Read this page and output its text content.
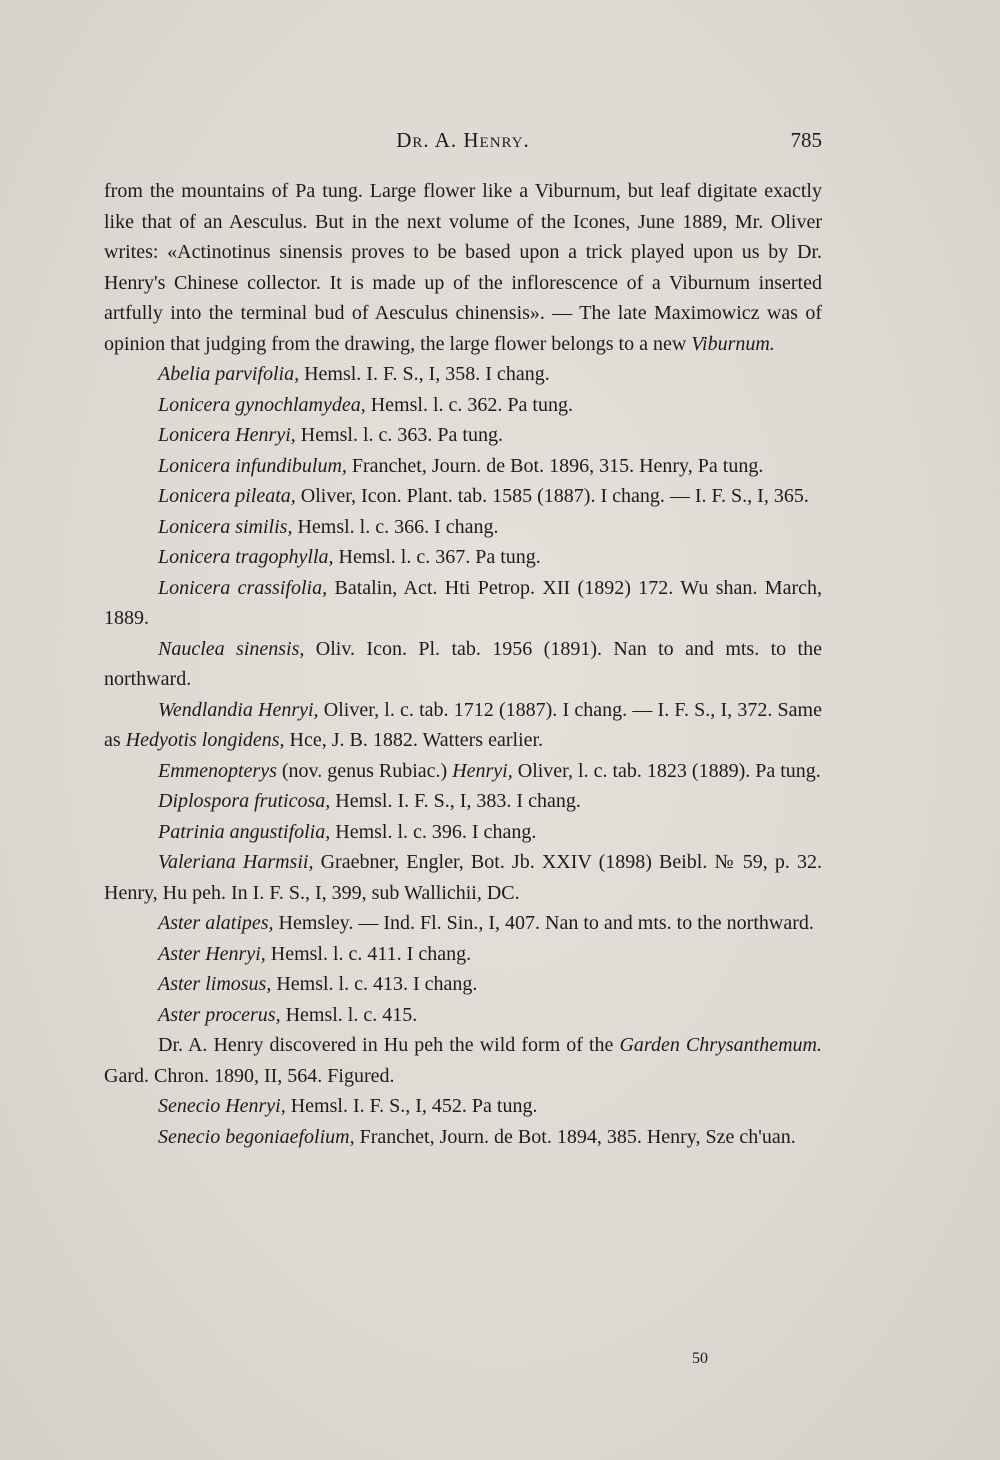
Dr. A. Henry.	785

from the mountains of Pa tung. Large flower like a Viburnum, but leaf digitate exactly like that of an Aesculus. But in the next volume of the Icones, June 1889, Mr. Oliver writes: «Actinotinus sinensis proves to be based upon a trick played upon us by Dr. Henry's Chinese collector. It is made up of the inflorescence of a Viburnum inserted artfully into the terminal bud of Aesculus chinensis». — The late Maximowicz was of opinion that judging from the drawing, the large flower belongs to a new Viburnum.

Abelia parvifolia, Hemsl. I. F. S., I, 358. I chang.

Lonicera gynochlamydea, Hemsl. l. c. 362. Pa tung.

Lonicera Henryi, Hemsl. l. c. 363. Pa tung.

Lonicera infundibulum, Franchet, Journ. de Bot. 1896, 315. Henry, Pa tung.

Lonicera pileata, Oliver, Icon. Plant. tab. 1585 (1887). I chang. — I. F. S., I, 365.

Lonicera similis, Hemsl. l. c. 366. I chang.

Lonicera tragophylla, Hemsl. l. c. 367. Pa tung.

Lonicera crassifolia, Batalin, Act. Hti Petrop. XII (1892) 172. Wu shan. March, 1889.

Nauclea sinensis, Oliv. Icon. Pl. tab. 1956 (1891). Nan to and mts. to the northward.

Wendlandia Henryi, Oliver, l. c. tab. 1712 (1887). I chang. — I. F. S., I, 372. Same as Hedyotis longidens, Hce, J. B. 1882. Watters earlier.

Emmenopterys (nov. genus Rubiac.) Henryi, Oliver, l. c. tab. 1823 (1889). Pa tung.

Diplospora fruticosa, Hemsl. I. F. S., I, 383. I chang.

Patrinia angustifolia, Hemsl. l. c. 396. I chang.

Valeriana Harmsii, Graebner, Engler, Bot. Jb. XXIV (1898) Beibl. № 59, p. 32. Henry, Hu peh. In I. F. S., I, 399, sub Wallichii, DC.

Aster alatipes, Hemsley. — Ind. Fl. Sin., I, 407. Nan to and mts. to the northward.

Aster Henryi, Hemsl. l. c. 411. I chang.

Aster limosus, Hemsl. l. c. 413. I chang.

Aster procerus, Hemsl. l. c. 415.

Dr. A. Henry discovered in Hu peh the wild form of the Garden Chrysanthemum. Gard. Chron. 1890, II, 564. Figured.

Senecio Henryi, Hemsl. I. F. S., I, 452. Pa tung.

Senecio begoniaefolium, Franchet, Journ. de Bot. 1894, 385. Henry, Sze ch'uan.

50
